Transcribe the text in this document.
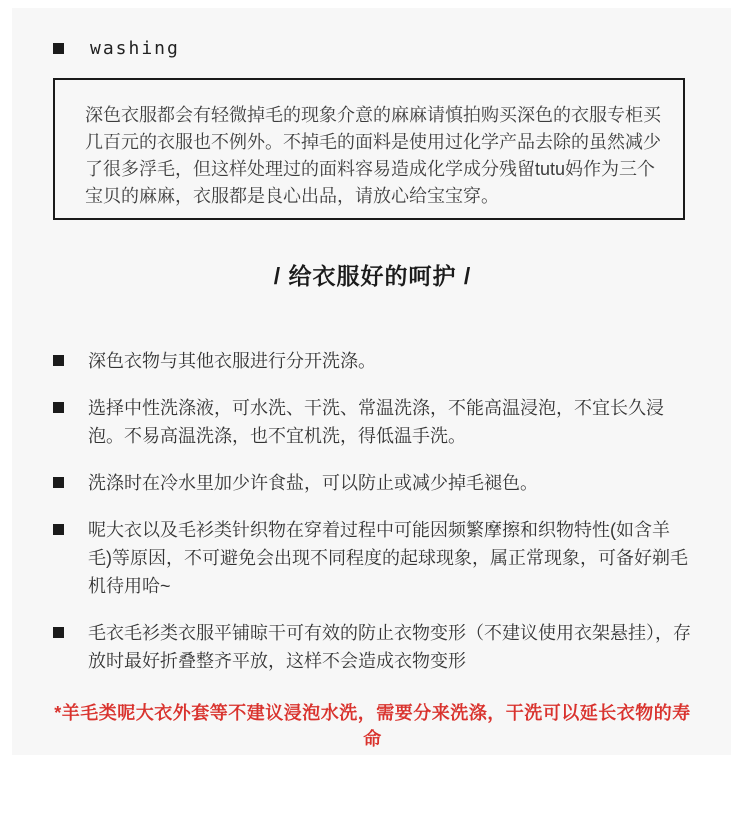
washing

深色衣服都会有轻微掉毛的现象介意的麻麻请慎拍购买深色的衣服专柜买几百元的衣服也不例外。不掉毛的面料是使用过化学产品去除的虽然减少了很多浮毛，但这样处理过的面料容易造成化学成分残留tutu妈作为三个宝贝的麻麻，衣服都是良心出品，请放心给宝宝穿。

/ 给衣服好的呵护 /
深色衣物与其他衣服进行分开洗涤。
选择中性洗涤液，可水洗、干洗、常温洗涤，不能高温浸泡，不宜长久浸泡。不易高温洗涤，也不宜机洗，得低温手洗。
洗涤时在冷水里加少许食盐，可以防止或减少掉毛褪色。
呢大衣以及毛衫类针织物在穿着过程中可能因频繁摩擦和织物特性(如含羊毛)等原因，不可避免会出现不同程度的起球现象，属正常现象，可备好剃毛机待用哈~
毛衣毛衫类衣服平铺晾干可有效的防止衣物变形（不建议使用衣架悬挂），存放时最好折叠整齐平放，这样不会造成衣物变形

*羊毛类呢大衣外套等不建议浸泡水洗，需要分来洗涤，干洗可以延长衣物的寿命
